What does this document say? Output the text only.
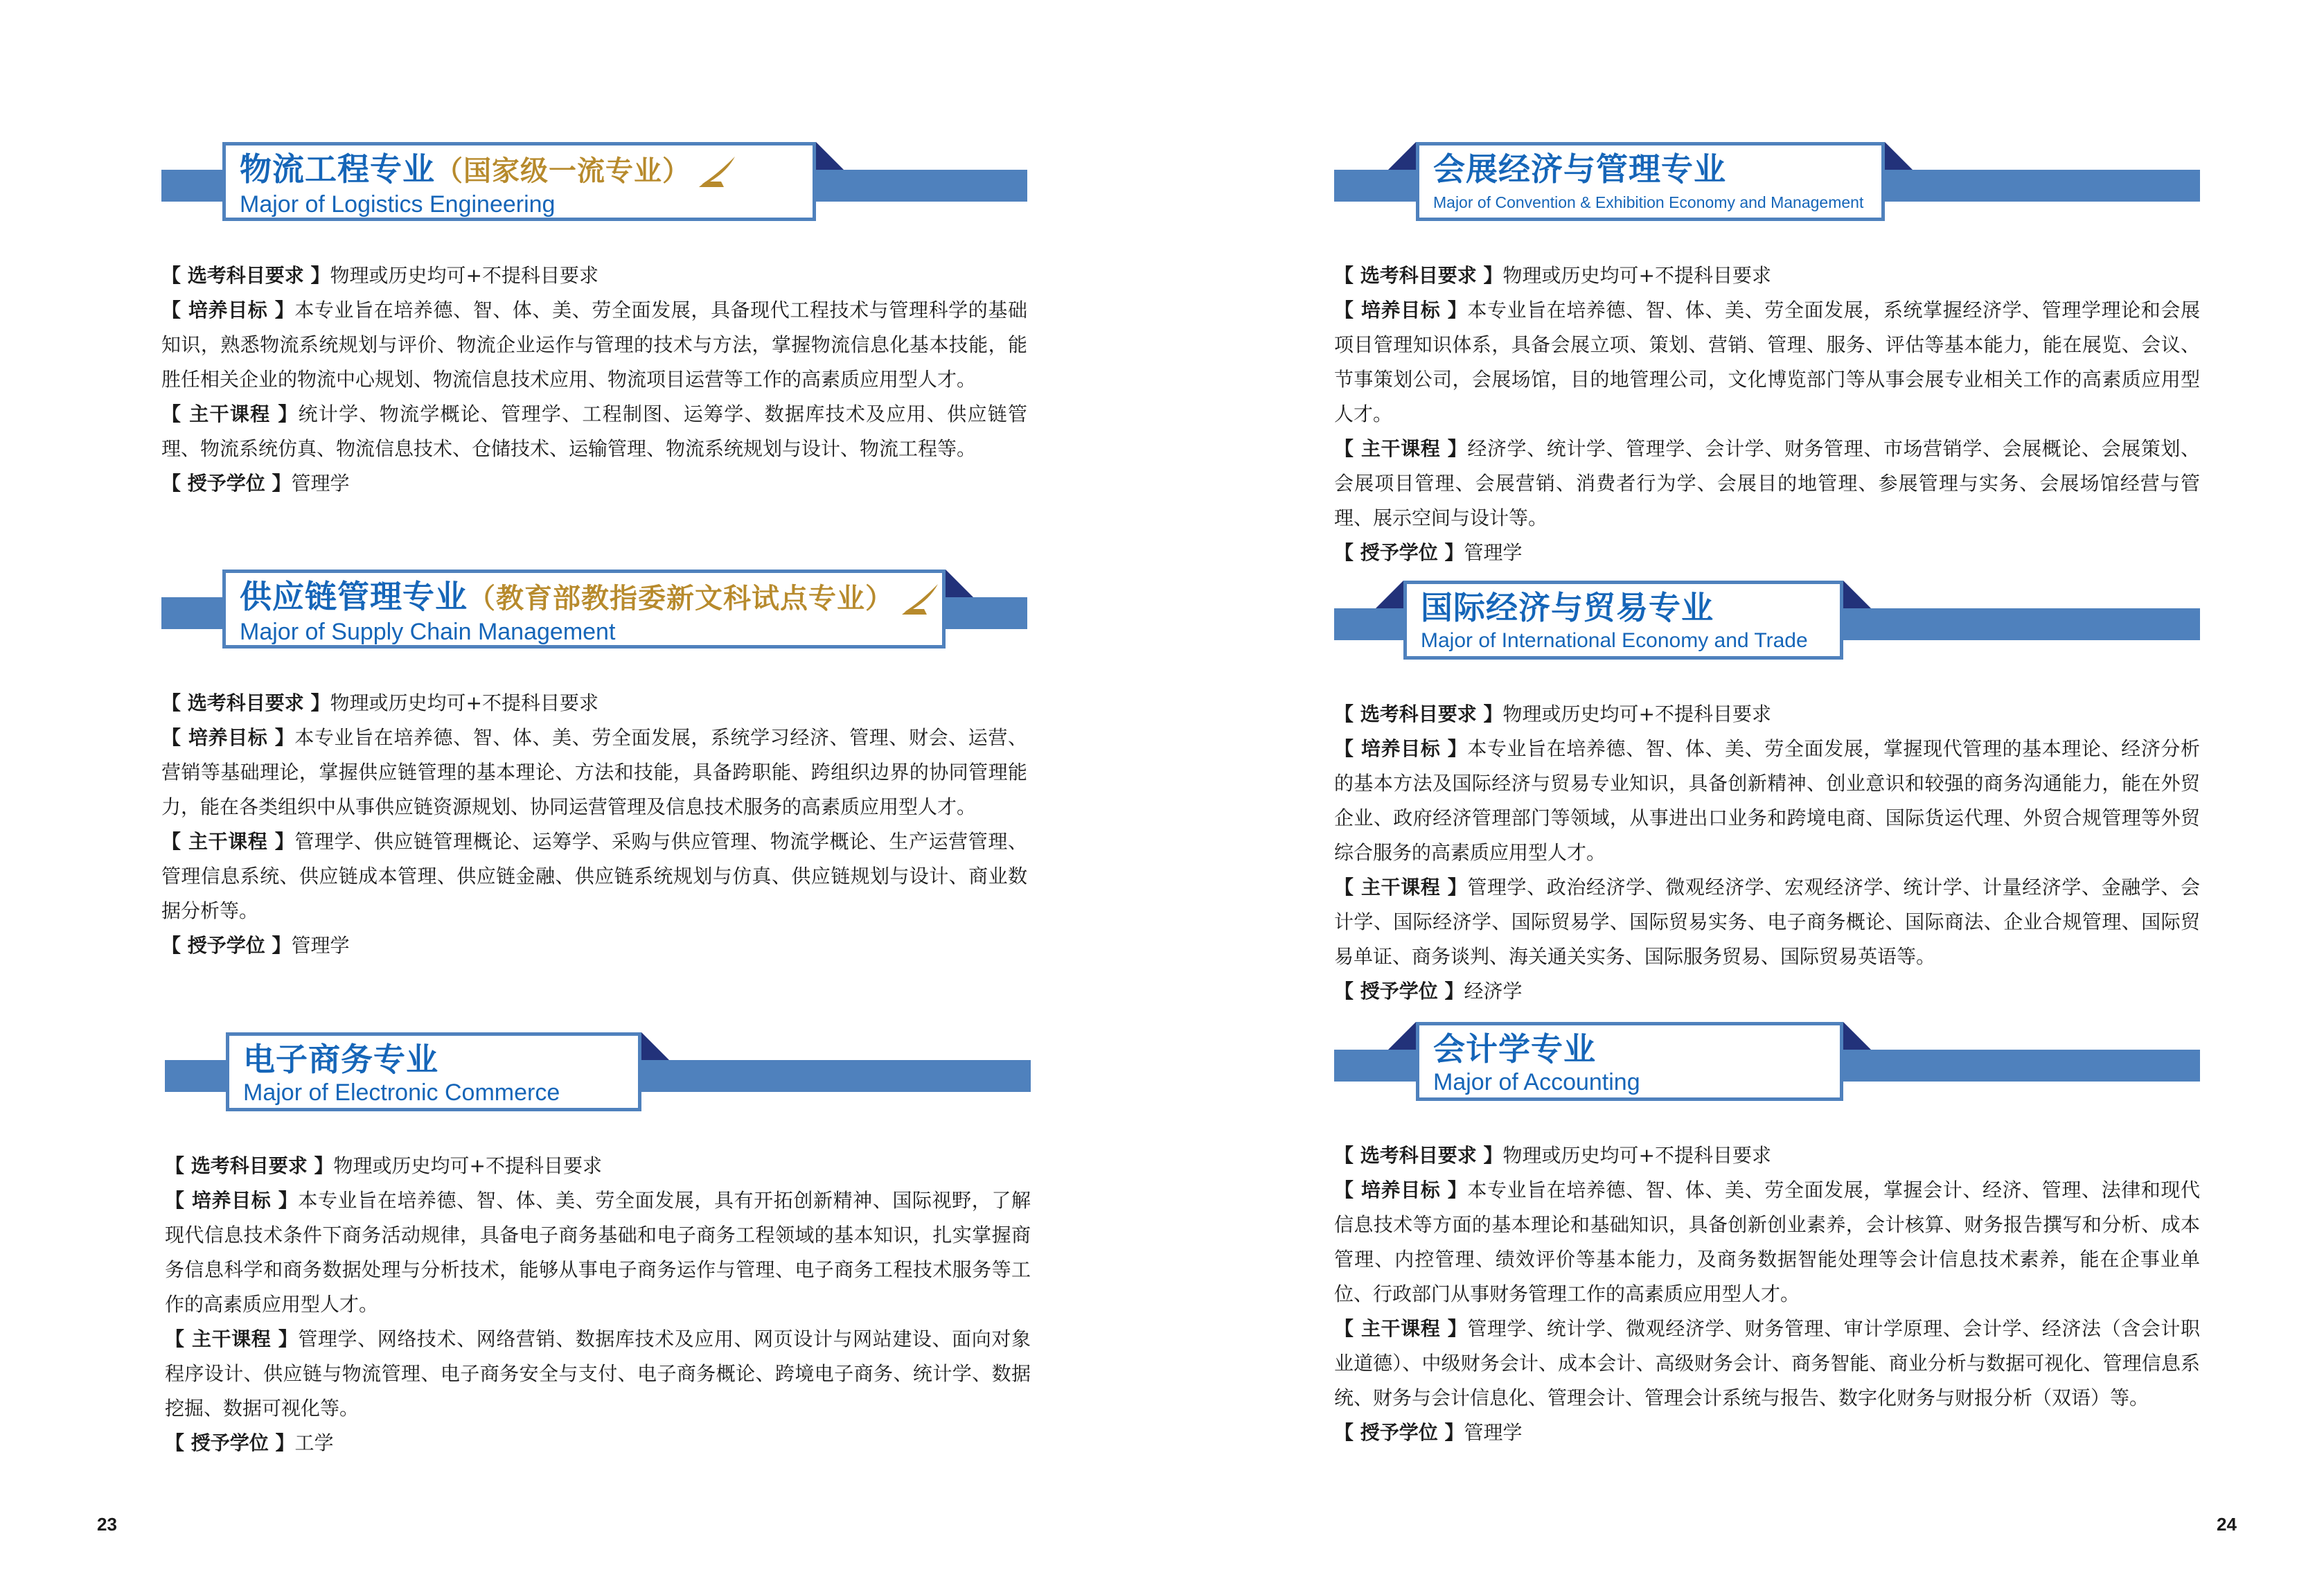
物流工程专业（国家级一流专业）
Major of Logistics Engineering

【 选考科目要求 】物理或历史均可+不提科目要求

【 培养目标 】本专业旨在培养德、智、体、美、劳全面发展，具备现代工程技术与管理科学的基础知识，熟悉物流系统规划与评价、物流企业运作与管理的技术与方法，掌握物流信息化基本技能，能胜任相关企业的物流中心规划、物流信息技术应用、物流项目运营等工作的高素质应用型人才。

【 主干课程 】统计学、物流学概论、管理学、工程制图、运筹学、数据库技术及应用、供应链管理、物流系统仿真、物流信息技术、仓储技术、运输管理、物流系统规划与设计、物流工程等。

【 授予学位 】管理学

供应链管理专业（教育部教指委新文科试点专业）
Major of Supply Chain Management

【 选考科目要求 】物理或历史均可+不提科目要求

【 培养目标 】本专业旨在培养德、智、体、美、劳全面发展，系统学习经济、管理、财会、运营、营销等基础理论，掌握供应链管理的基本理论、方法和技能，具备跨职能、跨组织边界的协同管理能力，能在各类组织中从事供应链资源规划、协同运营管理及信息技术服务的高素质应用型人才。

【 主干课程 】管理学、供应链管理概论、运筹学、采购与供应管理、物流学概论、生产运营管理、管理信息系统、供应链成本管理、供应链金融、供应链系统规划与仿真、供应链规划与设计、商业数据分析等。

【 授予学位 】管理学

电子商务专业
Major of Electronic Commerce

【 选考科目要求 】物理或历史均可+不提科目要求

【 培养目标 】本专业旨在培养德、智、体、美、劳全面发展，具有开拓创新精神、国际视野，了解现代信息技术条件下商务活动规律，具备电子商务基础和电子商务工程领域的基本知识，扎实掌握商务信息科学和商务数据处理与分析技术，能够从事电子商务运作与管理、电子商务工程技术服务等工作的高素质应用型人才。

【 主干课程 】管理学、网络技术、网络营销、数据库技术及应用、网页设计与网站建设、面向对象程序设计、供应链与物流管理、电子商务安全与支付、电子商务概论、跨境电子商务、统计学、数据挖掘、数据可视化等。

【 授予学位 】工学

23
会展经济与管理专业
Major of Convention & Exhibition Economy and Management

【 选考科目要求 】物理或历史均可+不提科目要求

【 培养目标 】本专业旨在培养德、智、体、美、劳全面发展，系统掌握经济学、管理学理论和会展项目管理知识体系，具备会展立项、策划、营销、管理、服务、评估等基本能力，能在展览、会议、节事策划公司，会展场馆，目的地管理公司，文化博览部门等从事会展专业相关工作的高素质应用型人才。

【 主干课程 】经济学、统计学、管理学、会计学、财务管理、市场营销学、会展概论、会展策划、会展项目管理、会展营销、消费者行为学、会展目的地管理、参展管理与实务、会展场馆经营与管理、展示空间与设计等。

【 授予学位 】管理学

国际经济与贸易专业
Major of International Economy and Trade

【 选考科目要求 】物理或历史均可+不提科目要求

【 培养目标 】本专业旨在培养德、智、体、美、劳全面发展，掌握现代管理的基本理论、经济分析的基本方法及国际经济与贸易专业知识，具备创新精神、创业意识和较强的商务沟通能力，能在外贸企业、政府经济管理部门等领域，从事进出口业务和跨境电商、国际货运代理、外贸合规管理等外贸综合服务的高素质应用型人才。

【 主干课程 】管理学、政治经济学、微观经济学、宏观经济学、统计学、计量经济学、金融学、会计学、国际经济学、国际贸易学、国际贸易实务、电子商务概论、国际商法、企业合规管理、国际贸易单证、商务谈判、海关通关实务、国际服务贸易、国际贸易英语等。

【 授予学位 】经济学

会计学专业
Major of Accounting

【 选考科目要求 】物理或历史均可+不提科目要求

【 培养目标 】本专业旨在培养德、智、体、美、劳全面发展，掌握会计、经济、管理、法律和现代信息技术等方面的基本理论和基础知识，具备创新创业素养，会计核算、财务报告撰写和分析、成本管理、内控管理、绩效评价等基本能力，及商务数据智能处理等会计信息技术素养，能在企事业单位、行政部门从事财务管理工作的高素质应用型人才。

【 主干课程 】管理学、统计学、微观经济学、财务管理、审计学原理、会计学、经济法（含会计职业道德）、中级财务会计、成本会计、高级财务会计、商务智能、商业分析与数据可视化、管理信息系统、财务与会计信息化、管理会计、管理会计系统与报告、数字化财务与财报分析（双语）等。

【 授予学位 】管理学

24
